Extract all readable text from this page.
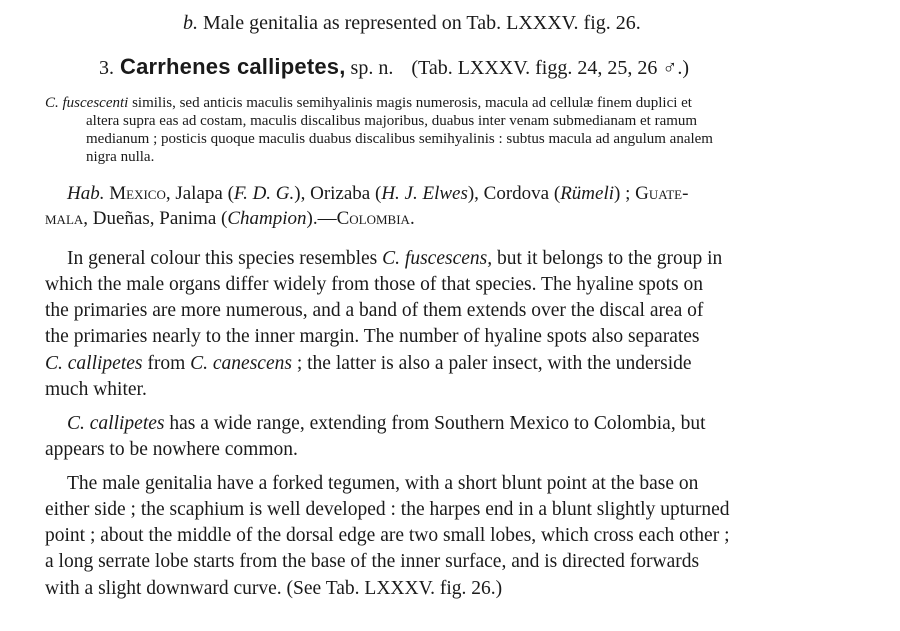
b. Male genitalia as represented on Tab. LXXXV. fig. 26.
3. Carrhenes callipetes, sp. n. (Tab. LXXXV. figg. 24, 25, 26 ♂.)
C. fuscescenti similis, sed anticis maculis semihyalinis magis numerosis, macula ad cellulæ finem duplici et
altera supra eas ad costam, maculis discalibus majoribus, duabus inter venam submedianam et ramum
medianum ; posticis quoque maculis duabus discalibus semihyalinis : subtus macula ad angulum analem
nigra nulla.
Hab. Mexico, Jalapa (F. D. G.), Orizaba (H. J. Elwes), Cordova (Rümeli) ; Guate-
mala, Dueñas, Panima (Champion).—Colombia.
In general colour this species resembles C. fuscescens, but it belongs to the group in
which the male organs differ widely from those of that species. The hyaline spots on
the primaries are more numerous, and a band of them extends over the discal area of
the primaries nearly to the inner margin. The number of hyaline spots also separates
C. callipetes from C. canescens ; the latter is also a paler insect, with the underside
much whiter.
C. callipetes has a wide range, extending from Southern Mexico to Colombia, but
appears to be nowhere common.
The male genitalia have a forked tegumen, with a short blunt point at the base on
either side ; the scaphium is well developed : the harpes end in a blunt slightly upturned
point ; about the middle of the dorsal edge are two small lobes, which cross each other ;
a long serrate lobe starts from the base of the inner surface, and is directed forwards
with a slight downward curve. (See Tab. LXXXV. fig. 26.)
